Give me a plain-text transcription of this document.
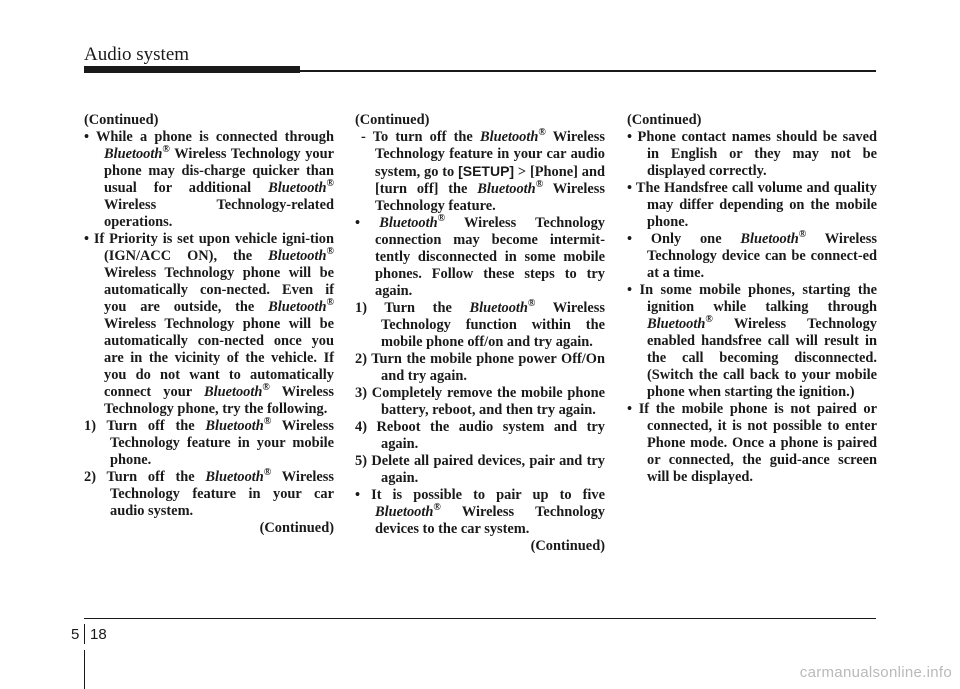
Audio system

(Continued)

• While a phone is connected through Bluetooth® Wireless Technology your phone may dis-charge quicker than usual for additional Bluetooth® Wireless Technology-related operations.

• If Priority is set upon vehicle igni-tion (IGN/ACC ON), the Bluetooth® Wireless Technology phone will be automatically con-nected. Even if you are outside, the Bluetooth® Wireless Technology phone will be automatically con-nected once you are in the vicinity of the vehicle. If you do not want to automatically connect your Bluetooth® Wireless Technology phone, try the following.

1) Turn off the Bluetooth® Wireless Technology feature in your mobile phone.

2) Turn off the Bluetooth® Wireless Technology feature in your car audio system.

(Continued)

(Continued)

- To turn off the Bluetooth® Wireless Technology feature in your car audio system, go to [SETUP] > [Phone] and [turn off] the Bluetooth® Wireless Technology feature.

• Bluetooth® Wireless Technology connection may become intermit-tently disconnected in some mobile phones. Follow these steps to try again.

1) Turn the Bluetooth® Wireless Technology function within the mobile phone off/on and try again.

2) Turn the mobile phone power Off/On and try again.

3) Completely remove the mobile phone battery, reboot, and then try again.

4) Reboot the audio system and try again.

5) Delete all paired devices, pair and try again.

• It is possible to pair up to five Bluetooth® Wireless Technology devices to the car system.

(Continued)

(Continued)

• Phone contact names should be saved in English or they may not be displayed correctly.

• The Handsfree call volume and quality may differ depending on the mobile phone.

• Only one Bluetooth® Wireless Technology device can be connect-ed at a time.

• In some mobile phones, starting the ignition while talking through Bluetooth® Wireless Technology enabled handsfree call will result in the call becoming disconnected. (Switch the call back to your mobile phone when starting the ignition.)

• If the mobile phone is not paired or connected, it is not possible to enter Phone mode. Once a phone is paired or connected, the guid-ance screen will be displayed.

5 18
carmanualsonline.info
